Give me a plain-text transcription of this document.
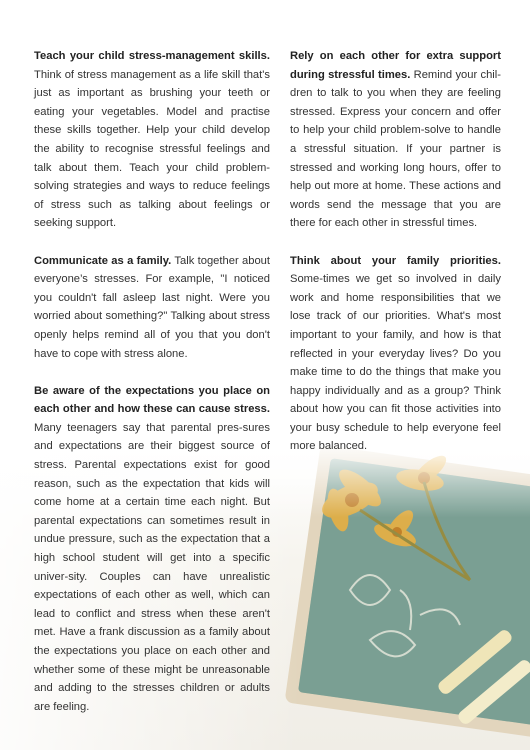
Teach your child stress-management skills. Think of stress management as a life skill that's just as important as brushing your teeth or eating your vegetables. Model and practise these skills together. Help your child develop the ability to recognise stressful feelings and talk about them. Teach your child problem-solving strategies and ways to reduce feelings of stress such as talking about feelings or seeking support.

Communicate as a family. Talk together about everyone’s stresses. For example, "I noticed you couldn't fall asleep last night. Were you worried about something?" Talking about stress openly helps remind all of you that you don't have to cope with stress alone.

Be aware of the expectations you place on each other and how these can cause stress. Many teenagers say that parental pres-sures and expectations are their biggest source of stress. Parental expectations exist for good reason, such as the expectation that kids will come home at a certain time each night. But parental expectations can sometimes result in undue pressure, such as the expectation that a high school student will get into a specific univer-sity. Couples can have unrealistic expectations of each other as well, which can lead to conflict and stress when these aren't met. Have a frank discussion as a family about the expectations you place on each other and whether some of these might be unreasonable and adding to the stresses children or adults are feeling.

Rely on each other for extra support during stressful times. Remind your chil-dren to talk to you when they are feeling stressed. Express your concern and offer to help your child problem-solve to handle a stressful situation. If your partner is stressed and working long hours, offer to help out more at home. These actions and words send the message that you are there for each other in stressful times.

Think about your family priorities. Some-times we get so involved in daily work and home responsibilities that we lose track of our priorities. What's most important to your family, and how is that reflected in your everyday lives? Do you make time to do the things that make you happy individually and as a group? Think about how you can fit those activities into your busy schedule to help everyone feel more balanced.
